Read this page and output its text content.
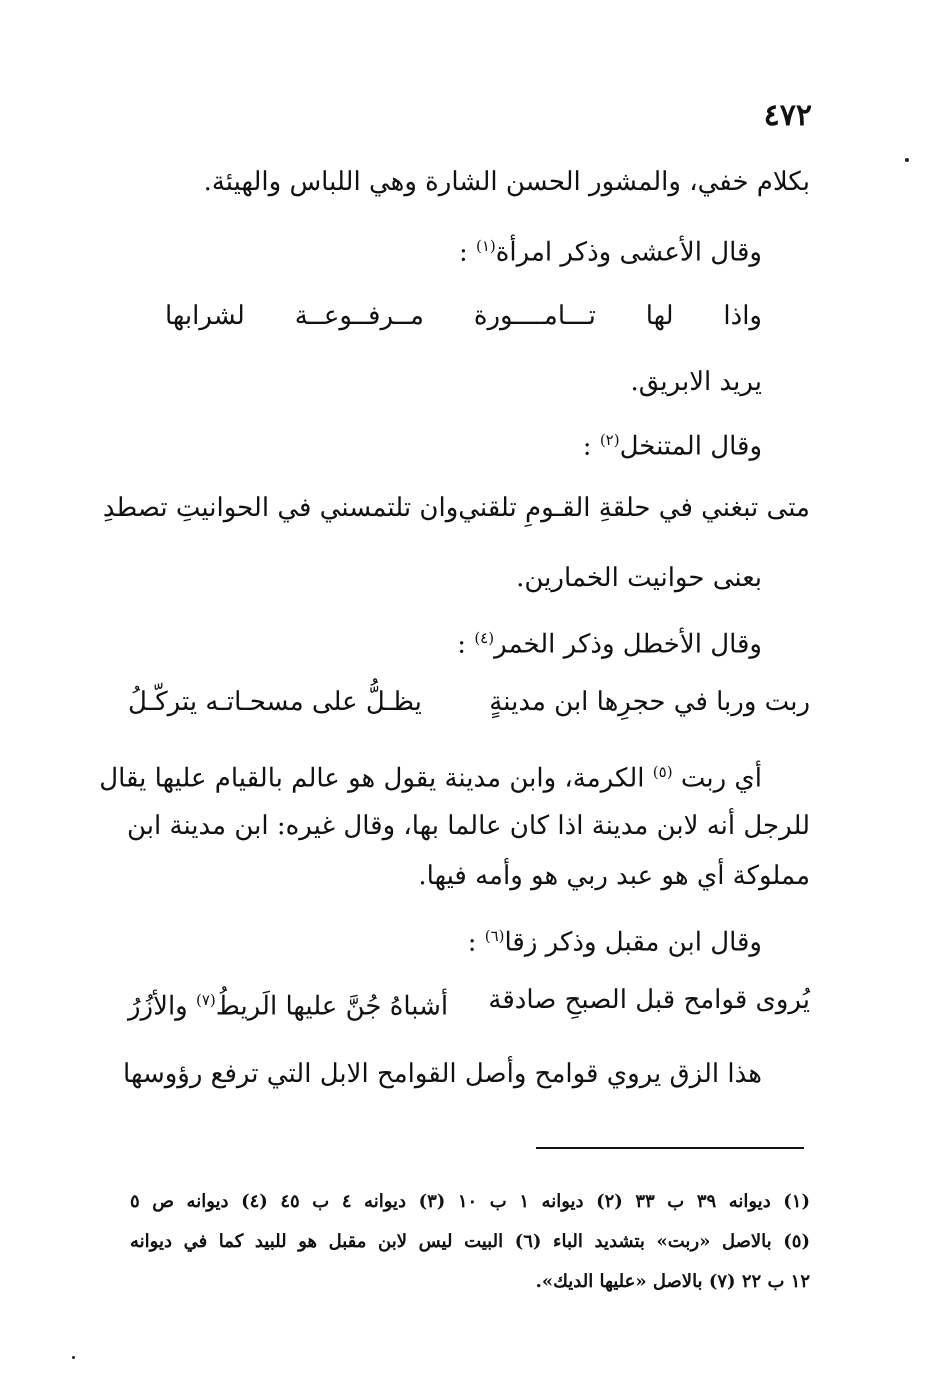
٤٧٢
بكلام خفي، والمشور الحسن الشارة وهي اللباس والهيئة.
وقال الأعشى وذكر امرأة$^{(١)}$ :
واذا
لها
تـــامــــورة
مــرفــوعــة
لشرابها
يريد الابريق.
وقال المتنخل$^{(٢)}$ :
متى تبغني في حلقةِ القـومِ تلقني
وان تلتمسني في الحوانيتِ تصطدِ
بعنى حوانيت الخمارين.
وقال الأخطل وذكر الخمر$^{(٤)}$ :
ربت وربا في حجرِها ابن مدينةٍ
يظـلُّ على مسحـاتـه يتركّـلُ
أي ربت $^{(٥)}$ الكرمة، وابن مدينة يقول هو عالم بالقيام عليها يقال
للرجل أنه لابن مدينة اذا كان عالما بها، وقال غيره: ابن مدينة ابن
مملوكة أي هو عبد ربي هو وأمه فيها.
وقال ابن مقبل وذكر زقا$^{(٦)}$ :
يُروى قوامح قبل الصبحِ صادقة
أشباهُ جُنَّ عليها الَريطُ$^{(٧)}$ والأزُرُ
هذا الزق يروي قوامح وأصل القوامح الابل التي ترفع رؤوسها
(١) ديوانه ٣٩ ب ٣٣ (٢) ديوانه ١ ب ١٠ (٣) ديوانه ٤ ب ٤٥ (٤) ديوانه ص ٥
(٥) بالاصل «ربت» بتشديد الباء (٦) البيت ليس لابن مقبل هو للبيد كما في ديوانه
١٢ ب ٢٢ (٧) بالاصل «عليها الديك».
